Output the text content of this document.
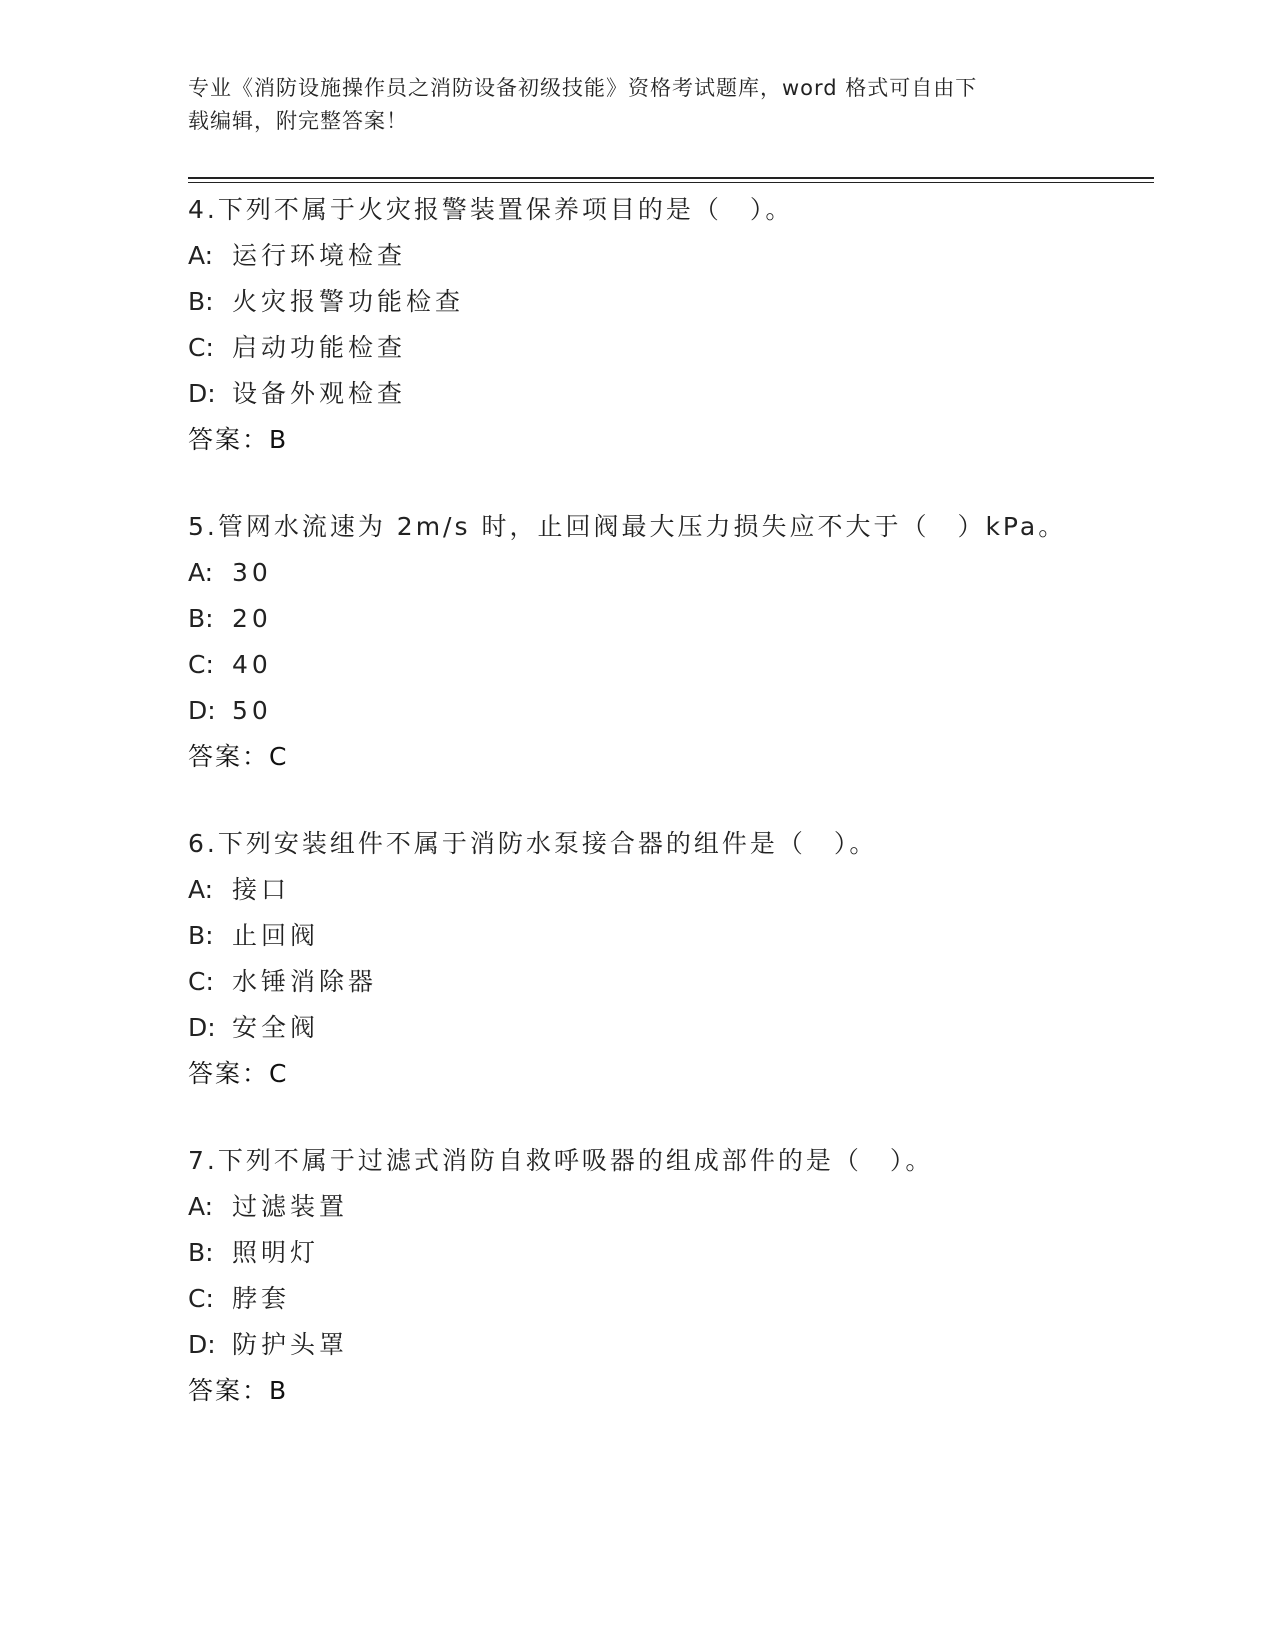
专业《消防设施操作员之消防设备初级技能》资格考试题库，word 格式可自由下
载编辑，附完整答案！
4.下列不属于火灾报警装置保养项目的是（　）。
A: 运行环境检查
B: 火灾报警功能检查
C: 启动功能检查
D: 设备外观检查
答案：B
5.管网水流速为 2m/s 时，止回阀最大压力损失应不大于（　）kPa。
A: 30
B: 20
C: 40
D: 50
答案：C
6.下列安装组件不属于消防水泵接合器的组件是（　）。
A: 接口
B: 止回阀
C: 水锤消除器
D: 安全阀
答案：C
7.下列不属于过滤式消防自救呼吸器的组成部件的是（　）。
A: 过滤装置
B: 照明灯
C: 脖套
D: 防护头罩
答案：B
